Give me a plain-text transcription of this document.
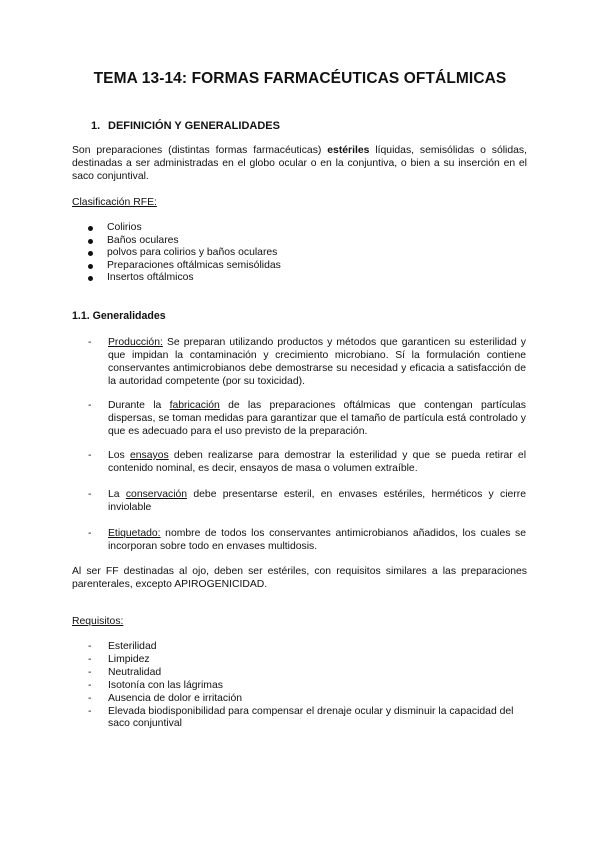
TEMA 13-14: FORMAS FARMACÉUTICAS OFTÁLMICAS
1. DEFINICIÓN Y GENERALIDADES
Son preparaciones (distintas formas farmacéuticas) estériles líquidas, semisólidas o sólidas, destinadas a ser administradas en el globo ocular o en la conjuntiva, o bien a su inserción en el saco conjuntival.
Clasificación RFE:
Colirios
Baños oculares
polvos para colirios y baños oculares
Preparaciones oftálmicas semisólidas
Insertos oftálmicos
1.1. Generalidades
- Producción: Se preparan utilizando productos y métodos que garanticen su esterilidad y que impidan la contaminación y crecimiento microbiano. Sí la formulación contiene conservantes antimicrobianos debe demostrarse su necesidad y eficacia a satisfacción de la autoridad competente (por su toxicidad).
- Durante la fabricación de las preparaciones oftálmicas que contengan partículas dispersas, se toman medidas para garantizar que el tamaño de partícula está controlado y que es adecuado para el uso previsto de la preparación.
- Los ensayos deben realizarse para demostrar la esterilidad y que se pueda retirar el contenido nominal, es decir, ensayos de masa o volumen extraíble.
- La conservación debe presentarse esteril, en envases estériles, herméticos y cierre inviolable
- Etiquetado: nombre de todos los conservantes antimicrobianos añadidos, los cuales se incorporan sobre todo en envases multidosis.
Al ser FF destinadas al ojo, deben ser estériles, con requisitos similares a las preparaciones parenterales, excepto APIROGENICIDAD.
Requisitos:
- Esterilidad
- Limpidez
- Neutralidad
- Isotonía con las lágrimas
- Ausencia de dolor e irritación
- Elevada biodisponibilidad para compensar el drenaje ocular y disminuir la capacidad del saco conjuntival
